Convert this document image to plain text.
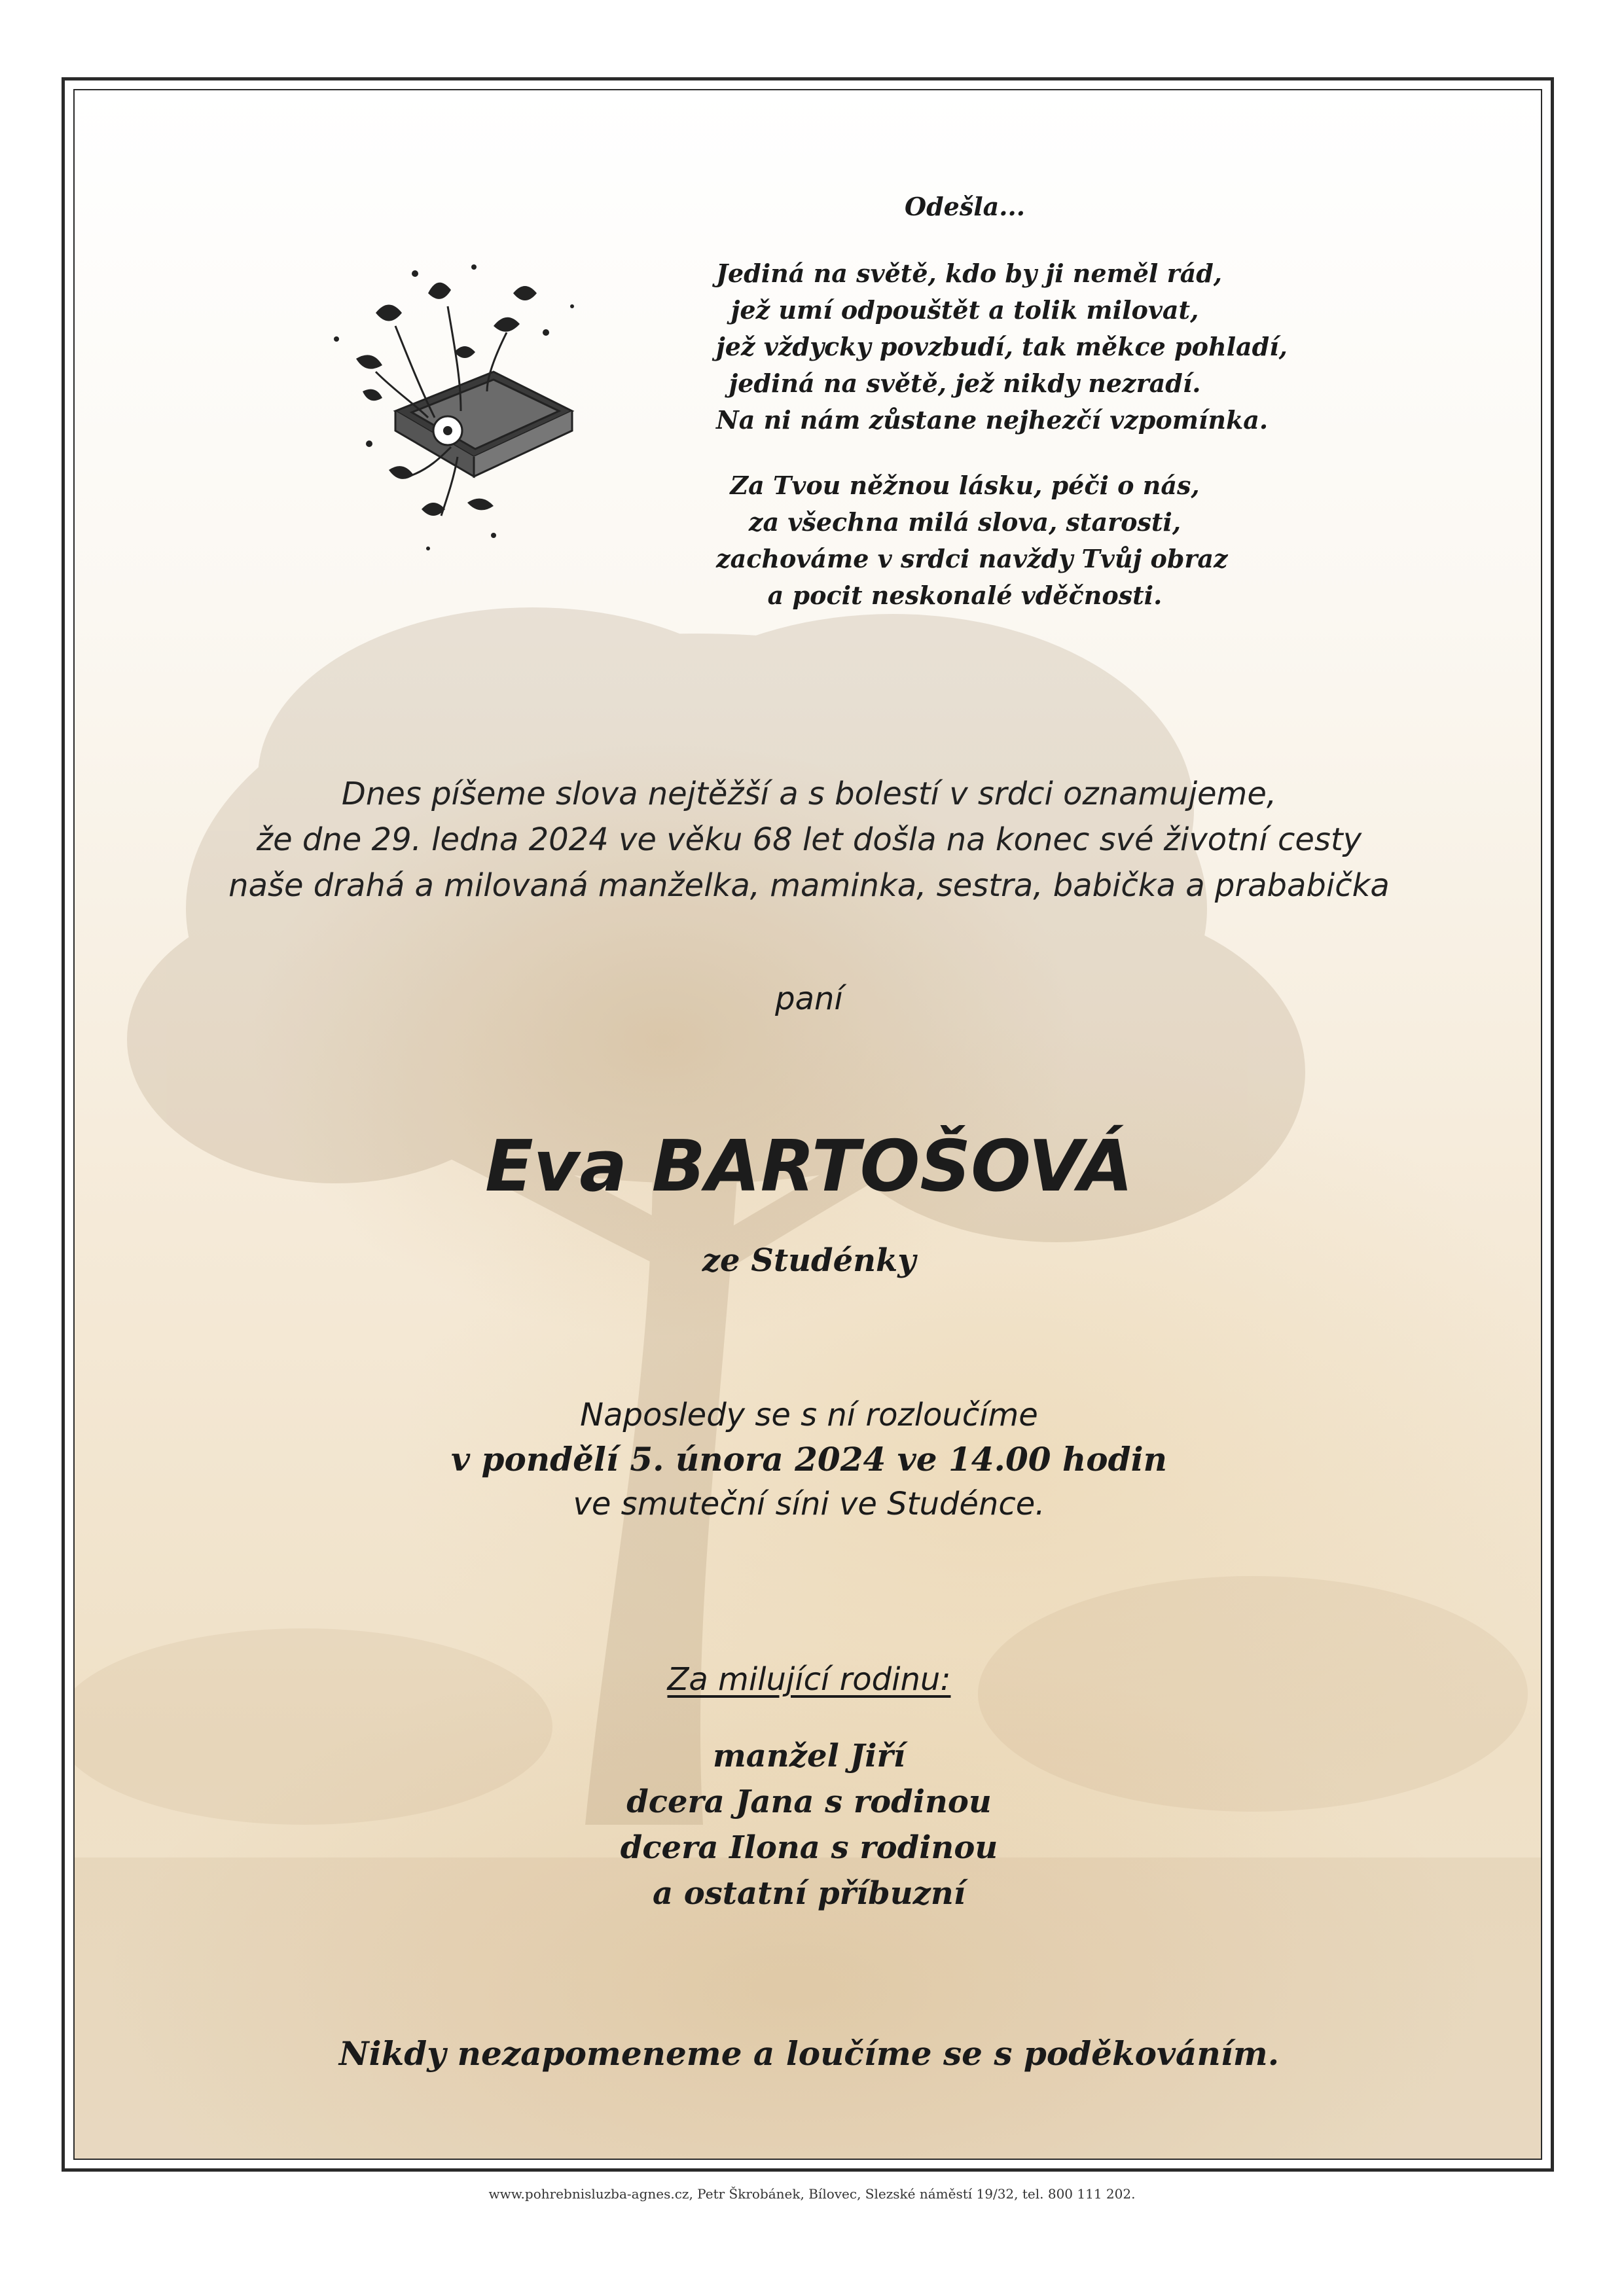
Odešla...
Jediná na světě, kdo by ji neměl rád,
jež umí odpouštět a tolik milovat,
jež vždycky povzbudí, tak měkce pohladí,
jediná na světě, jež nikdy nezradí.
Na ni nám zůstane nejhezčí vzpomínka.
Za Tvou něžnou lásku, péči o nás,
za všechna milá slova, starosti,
zachováme v srdci navždy Tvůj obraz
a pocit neskonalé vděčnosti.
Dnes píšeme slova nejtěžší a s bolestí v srdci oznamujeme,
že dne 29. ledna 2024 ve věku 68 let došla na konec své životní cesty
naše drahá a milovaná manželka, maminka, sestra, babička a prababička
paní
Eva BARTOŠOVÁ
ze Studénky
Naposledy se s ní rozloučíme
v pondělí 5. února 2024 ve 14.00 hodin
ve smuteční síni ve Studénce.
Za milující rodinu:
manžel Jiří
dcera Jana s rodinou
dcera Ilona s rodinou
a ostatní příbuzní
Nikdy nezapomeneme a loučíme se s poděkováním.
www.pohrebnisluzba-agnes.cz, Petr Škrobánek, Bílovec, Slezské náměstí 19/32, tel. 800 111 202.
